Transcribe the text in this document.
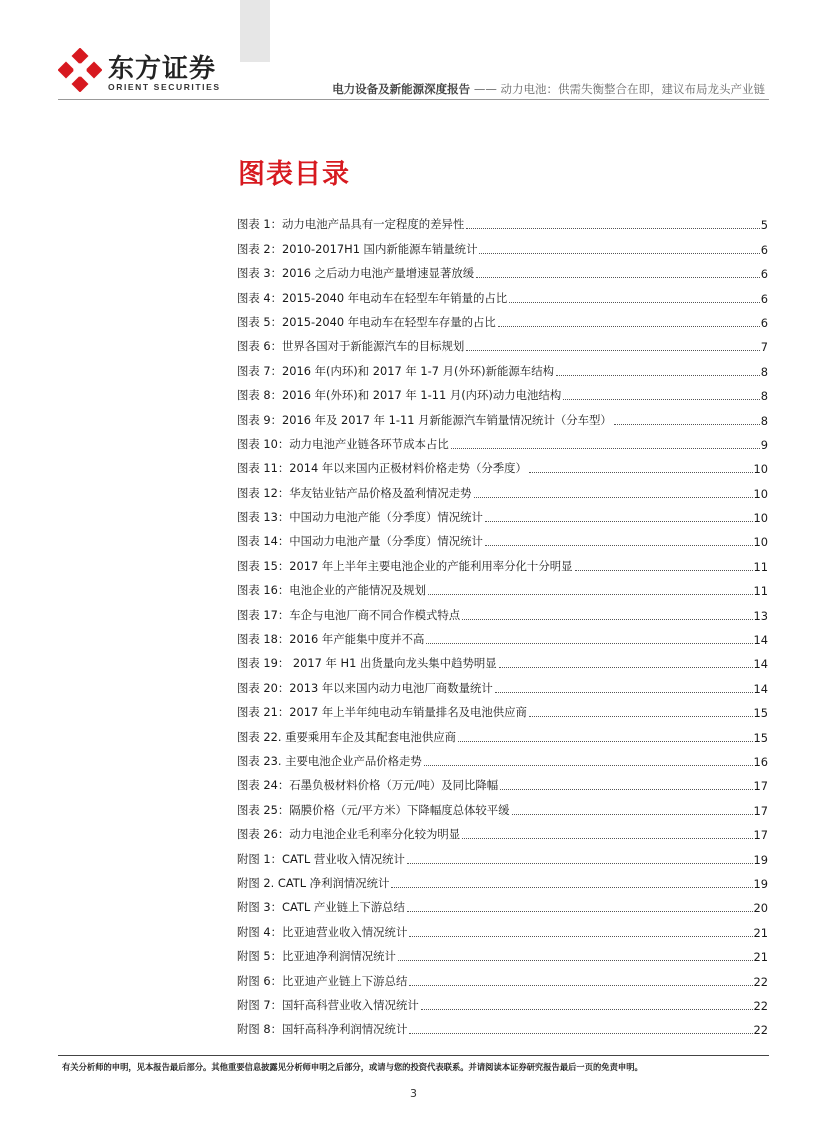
东方证券
ORIENT SECURITIES	电力设备及新能源深度报告 —— 动力电池：供需失衡整合在即，建议布局龙头产业链
图表目录
图表 1：动力电池产品具有一定程度的差异性	5
图表 2：2010-2017H1 国内新能源车销量统计	6
图表 3：2016 之后动力电池产量增速显著放缓	6
图表 4：2015-2040 年电动车在轻型车年销量的占比	6
图表 5：2015-2040 年电动车在轻型车存量的占比	6
图表 6：世界各国对于新能源汽车的目标规划	7
图表 7：2016 年(内环)和 2017 年 1-7 月(外环)新能源车结构	8
图表 8：2016 年(外环)和 2017 年 1-11 月(内环)动力电池结构	8
图表 9：2016 年及 2017 年 1-11 月新能源汽车销量情况统计（分车型）	8
图表 10：动力电池产业链各环节成本占比	9
图表 11：2014 年以来国内正极材料价格走势（分季度）	10
图表 12：华友钴业钴产品价格及盈利情况走势	10
图表 13：中国动力电池产能（分季度）情况统计	10
图表 14：中国动力电池产量（分季度）情况统计	10
图表 15：2017 年上半年主要电池企业的产能利用率分化十分明显	11
图表 16：电池企业的产能情况及规划	11
图表 17：车企与电池厂商不同合作模式特点	13
图表 18：2016 年产能集中度并不高	14
图表 19： 2017 年 H1 出货量向龙头集中趋势明显	14
图表 20：2013 年以来国内动力电池厂商数量统计	14
图表 21：2017 年上半年纯电动车销量排名及电池供应商	15
图表 22. 重要乘用车企及其配套电池供应商	15
图表 23. 主要电池企业产品价格走势	16
图表 24：石墨负极材料价格（万元/吨）及同比降幅	17
图表 25：隔膜价格（元/平方米）下降幅度总体较平缓	17
图表 26：动力电池企业毛利率分化较为明显	17
附图 1：CATL 营业收入情况统计	19
附图 2. CATL 净利润情况统计	19
附图 3：CATL 产业链上下游总结	20
附图 4：比亚迪营业收入情况统计	21
附图 5：比亚迪净利润情况统计	21
附图 6：比亚迪产业链上下游总结	22
附图 7：国轩高科营业收入情况统计	22
附图 8：国轩高科净利润情况统计	22
有关分析师的申明，见本报告最后部分。其他重要信息披露见分析师申明之后部分，或请与您的投资代表联系。并请阅读本证券研究报告最后一页的免责申明。
3
